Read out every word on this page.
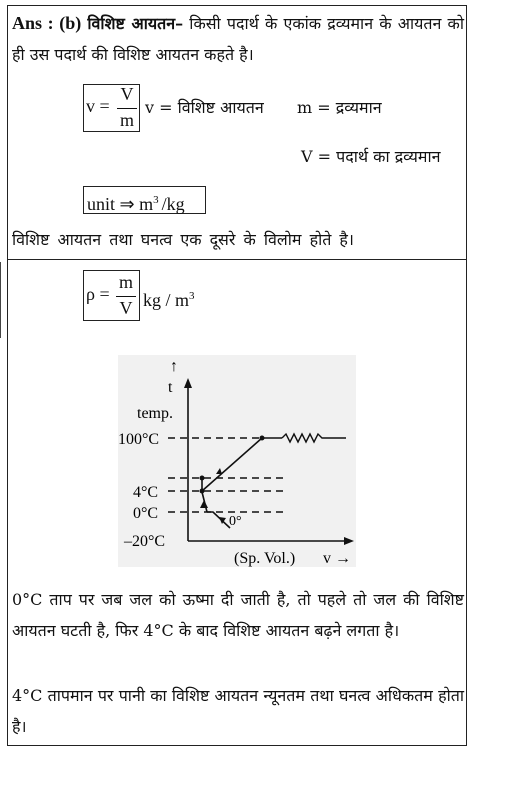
Ans : (b) विशिष्ट आयतन– किसी पदार्थ के एकांक द्रव्यमान के आयतन को ही उस पदार्थ की विशिष्ट आयतन कहते है।
v =
V
m
v = विशिष्ट आयतन m = द्रव्यमान
V = पदार्थ का द्रव्यमान
unit ⇒ $m^3$ /kg
विशिष्ट आयतन तथा घनत्व एक दूसरे के विलोम होते है।
ρ =
m
V kg / $m^3$
↑
t
temp.
100°C
4°C
0°C
–20°C
(Sp. Vol.) v →
0°
0°C ताप पर जब जल को ऊष्मा दी जाती है, तो पहले तो जल की विशिष्ट आयतन घटती है, फिर 4°C के बाद विशिष्ट आयतन बढ़ने लगता है।
4°C तापमान पर पानी का विशिष्ट आयतन न्यूनतम तथा घनत्व अधिकतम होता है।
